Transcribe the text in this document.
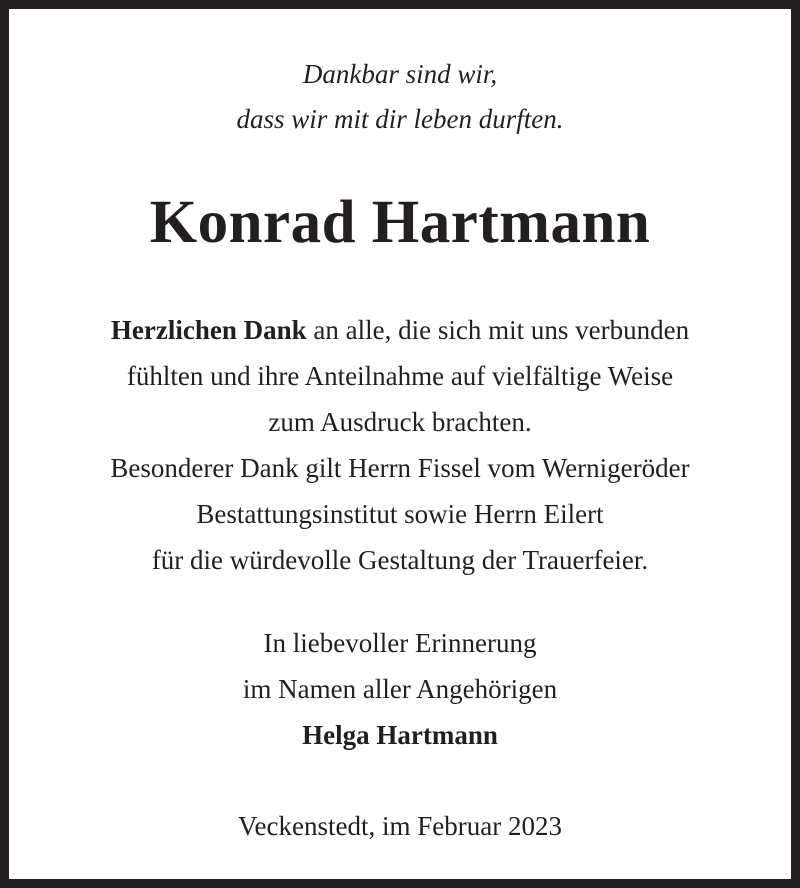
Dankbar sind wir,
dass wir mit dir leben durften.
Konrad Hartmann
Herzlichen Dank an alle, die sich mit uns verbunden
fühlten und ihre Anteilnahme auf vielfältige Weise
zum Ausdruck brachten.
Besonderer Dank gilt Herrn Fissel vom Wernigeröder
Bestattungsinstitut sowie Herrn Eilert
für die würdevolle Gestaltung der Trauerfeier.
In liebevoller Erinnerung
im Namen aller Angehörigen
Helga Hartmann
Veckenstedt, im Februar 2023
